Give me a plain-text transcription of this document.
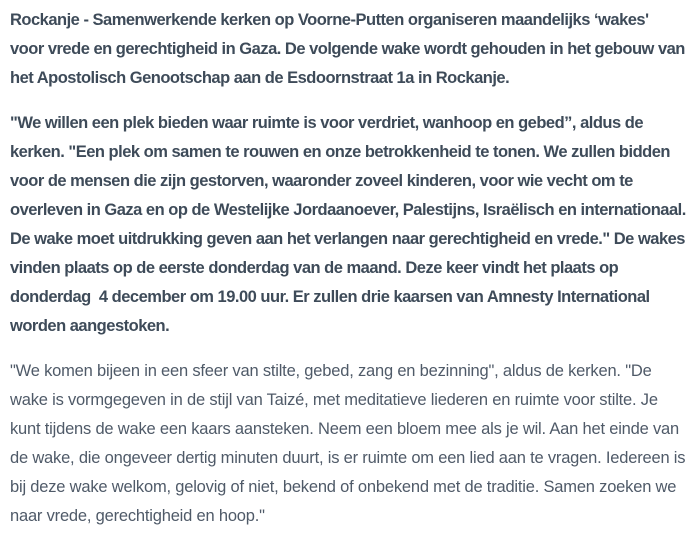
Rockanje - Samenwerkende kerken op Voorne-Putten organiseren maandelijks ‘wakes' voor vrede en gerechtigheid in Gaza. De volgende wake wordt gehouden in het gebouw van het Apostolisch Genootschap aan de Esdoornstraat 1a in Rockanje.

"We willen een plek bieden waar ruimte is voor verdriet, wanhoop en gebed”, aldus de kerken. "Een plek om samen te rouwen en onze betrokkenheid te tonen. We zullen bidden voor de mensen die zijn gestorven, waaronder zoveel kinderen, voor wie vecht om te overleven in Gaza en op de Westelijke Jordaanoever, Palestijns, Israëlisch en internationaal. De wake moet uitdrukking geven aan het verlangen naar gerechtigheid en vrede." De wakes vinden plaats op de eerste donderdag van de maand. Deze keer vindt het plaats op donderdag  4 december om 19.00 uur. Er zullen drie kaarsen van Amnesty International worden aangestoken.

"We komen bijeen in een sfeer van stilte, gebed, zang en bezinning", aldus de kerken. "De wake is vormgegeven in de stijl van Taizé, met meditatieve liederen en ruimte voor stilte. Je kunt tijdens de wake een kaars aansteken. Neem een bloem mee als je wil. Aan het einde van de wake, die ongeveer dertig minuten duurt, is er ruimte om een lied aan te vragen. Iedereen is bij deze wake welkom, gelovig of niet, bekend of onbekend met de traditie. Samen zoeken we naar vrede, gerechtigheid en hoop."
